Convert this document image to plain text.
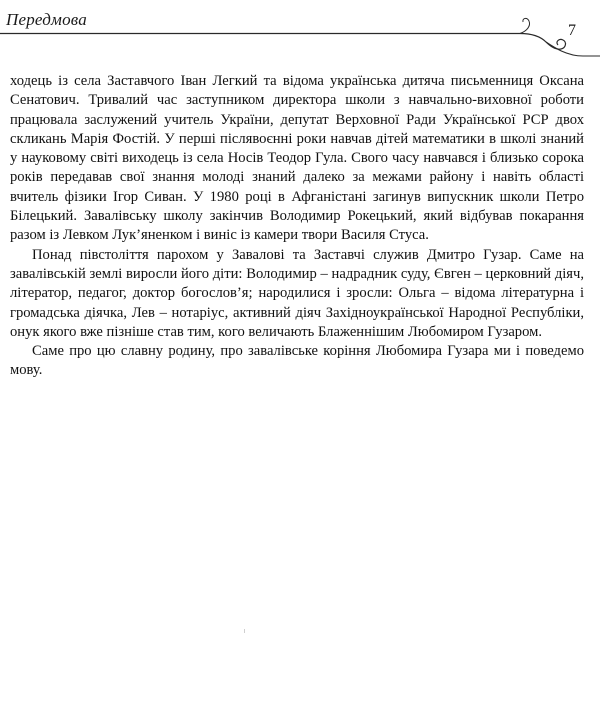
Передмова
7

ходець із села Заставчого Іван Легкий та відома українська дитяча письменниця Оксана Сенатович. Тривалий час заступником директора школи з навчально-виховної роботи працювала заслужений учитель України, депутат Верховної Ради Української РСР двох скликань Марія Фостій. У перші післявоєнні роки навчав дітей математики в школі знаний у науковому світі виходець із села Носів Теодор Гула. Свого часу навчався і близько сорока років передавав свої знання молоді знаний далеко за межами району і навіть області вчитель фізики Ігор Сиван. У 1980 році в Афганістані загинув випускник школи Петро Білецький. Завалівську школу закінчив Володимир Рокецький, який відбував покарання разом із Левком Лук’яненком і виніс із камери твори Василя Стуса.

Понад півстоліття парохом у Завалові та Заставчі служив Дмитро Гузар. Саме на завалівській землі виросли його діти: Володимир – надрадник суду, Євген – церковний діяч, літератор, педагог, доктор богослов’я; народилися і зросли: Ольга – відома літературна і громадська діячка, Лев – нотаріус, активний діяч Західноукраїнської Народної Республіки, онук якого вже пізніше став тим, кого величають Блаженнішим Любомиром Гузаром.

Саме про цю славну родину, про завалівське коріння Любомира Гузара ми і поведемо мову.
